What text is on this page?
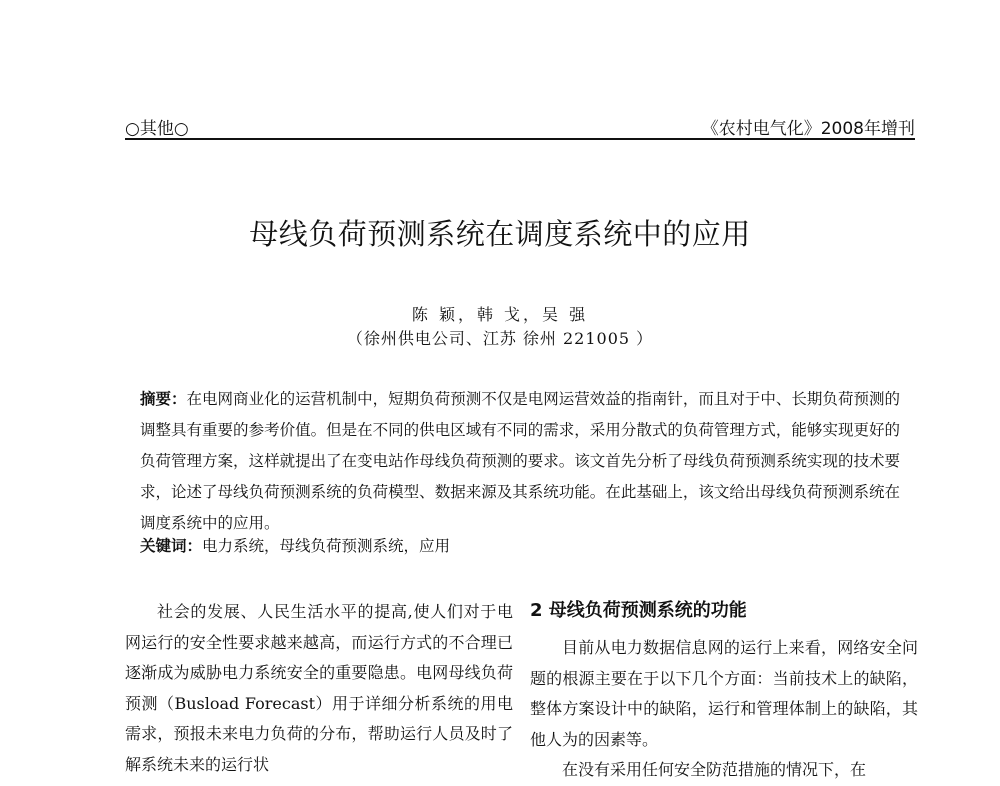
○其他○	《农村电气化》2008年增刊
母线负荷预测系统在调度系统中的应用
陈 颖，韩 戈，吴 强
（徐州供电公司、江苏 徐州 221005 ）
摘要：在电网商业化的运营机制中，短期负荷预测不仅是电网运营效益的指南针，而且对于中、长期负荷预测的调整具有重要的参考价值。但是在不同的供电区域有不同的需求，采用分散式的负荷管理方式，能够实现更好的负荷管理方案，这样就提出了在变电站作母线负荷预测的要求。该文首先分析了母线负荷预测系统实现的技术要求，论述了母线负荷预测系统的负荷模型、数据来源及其系统功能。在此基础上，该文给出母线负荷预测系统在调度系统中的应用。
关键词：电力系统，母线负荷预测系统，应用

社会的发展、人民生活水平的提高,使人们对于电网运行的安全性要求越来越高，而运行方式的不合理已逐渐成为威胁电力系统安全的重要隐患。电网母线负荷预测（Busload Forecast）用于详细分析系统的用电需求，预报未来电力负荷的分布，帮助运行人员及时了解系统未来的运行状

2 母线负荷预测系统的功能

目前从电力数据信息网的运行上来看，网络安全问题的根源主要在于以下几个方面：当前技术上的缺陷，整体方案设计中的缺陷，运行和管理体制上的缺陷，其他人为的因素等。

在没有采用任何安全防范措施的情况下，在
